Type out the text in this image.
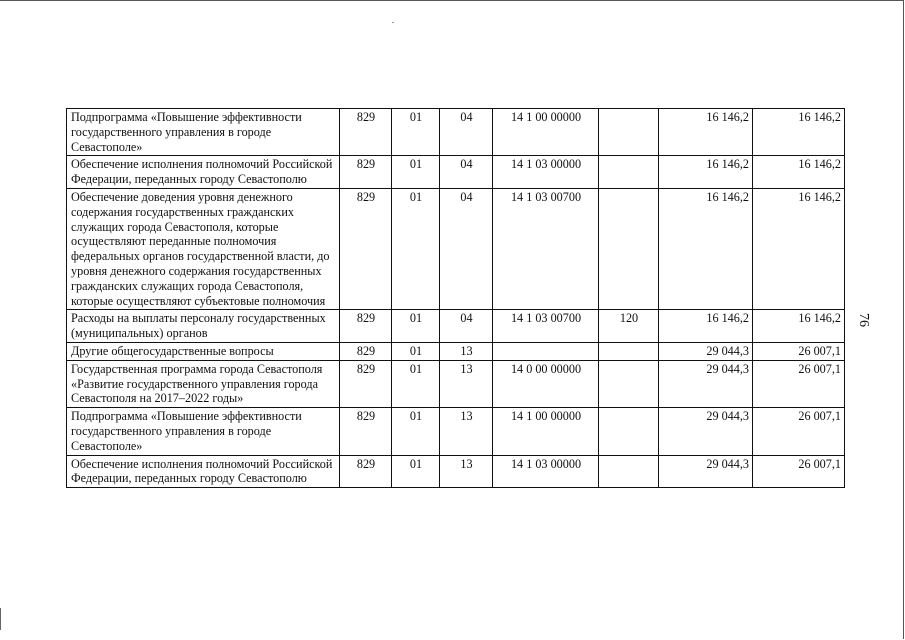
Подпрограмма «Повышение эффективности государственного управления в городе Севастополе»	829	01	04	14 1 00 00000		16 146,2	16 146,2
Обеспечение исполнения полномочий Российской Федерации, переданных городу Севастополю	829	01	04	14 1 03 00000		16 146,2	16 146,2
Обеспечение доведения уровня денежного содержания государственных гражданских служащих города Севастополя, которые осуществляют переданные полномочия федеральных органов государственной власти, до уровня денежного содержания государственных гражданских служащих города Севастополя, которые осуществляют субъектовые полномочия	829	01	04	14 1 03 00700		16 146,2	16 146,2
Расходы на выплаты персоналу государственных (муниципальных) органов	829	01	04	14 1 03 00700	120	16 146,2	16 146,2
Другие общегосударственные вопросы	829	01	13			29 044,3	26 007,1
Государственная программа города Севастополя «Развитие государственного управления города Севастополя на 2017–2022 годы»	829	01	13	14 0 00 00000		29 044,3	26 007,1
Подпрограмма «Повышение эффективности государственного управления в городе Севастополе»	829	01	13	14 1 00 00000		29 044,3	26 007,1
Обеспечение исполнения полномочий Российской Федерации, переданных городу Севастополю	829	01	13	14 1 03 00000		29 044,3	26 007,1
76
